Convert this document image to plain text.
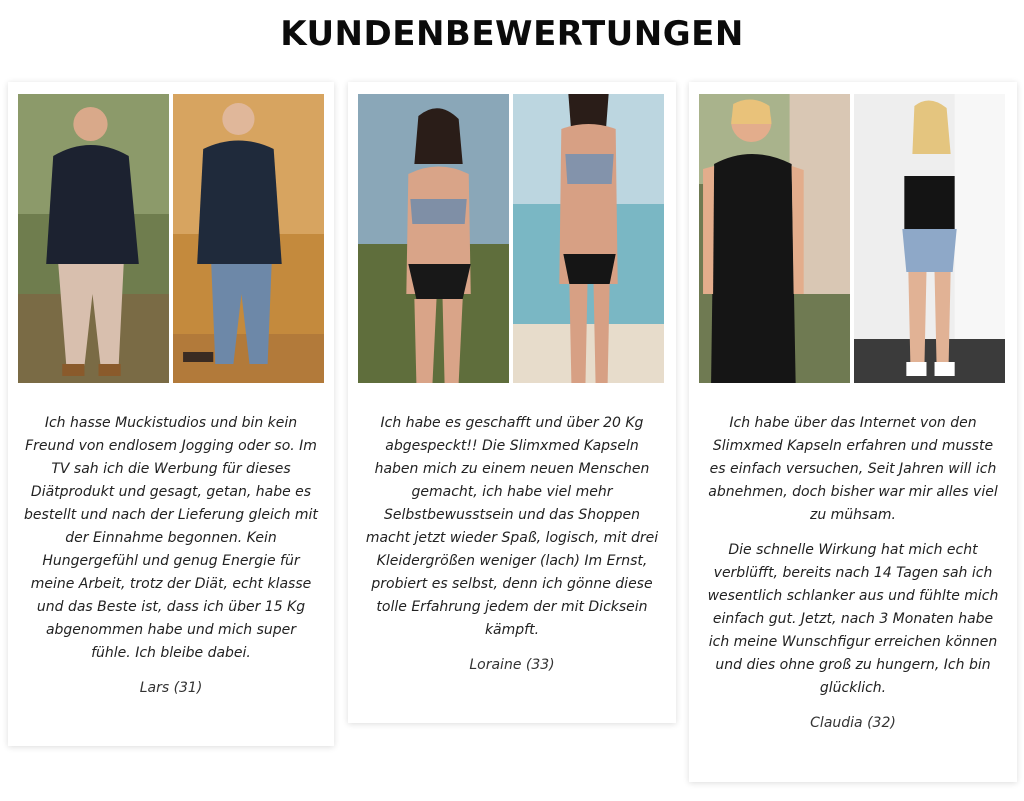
KUNDENBEWERTUNGEN

Ich hasse Muckistudios und bin kein Freund von endlosem Jogging oder so. Im TV sah ich die Werbung für dieses Diätprodukt und gesagt, getan, habe es bestellt und nach der Lieferung gleich mit der Einnahme begonnen. Kein Hungergefühl und genug Energie für meine Arbeit, trotz der Diät, echt klasse und das Beste ist, dass ich über 15 Kg abgenommen habe und mich super fühle. Ich bleibe dabei.

Lars (31)

Ich habe es geschafft und über 20 Kg abgespeckt!! Die Slimxmed Kapseln haben mich zu einem neuen Menschen gemacht, ich habe viel mehr Selbstbewusstsein und das Shoppen macht jetzt wieder Spaß, logisch, mit drei Kleidergrößen weniger (lach) Im Ernst, probiert es selbst, denn ich gönne diese tolle Erfahrung jedem der mit Dicksein kämpft.

Loraine (33)

Ich habe über das Internet von den Slimxmed Kapseln erfahren und musste es einfach versuchen, Seit Jahren will ich abnehmen, doch bisher war mir alles viel zu mühsam.

Die schnelle Wirkung hat mich echt verblüfft, bereits nach 14 Tagen sah ich wesentlich schlanker aus und fühlte mich einfach gut. Jetzt, nach 3 Monaten habe ich meine Wunschfigur erreichen können und dies ohne groß zu hungern, Ich bin glücklich.

Claudia (32)
